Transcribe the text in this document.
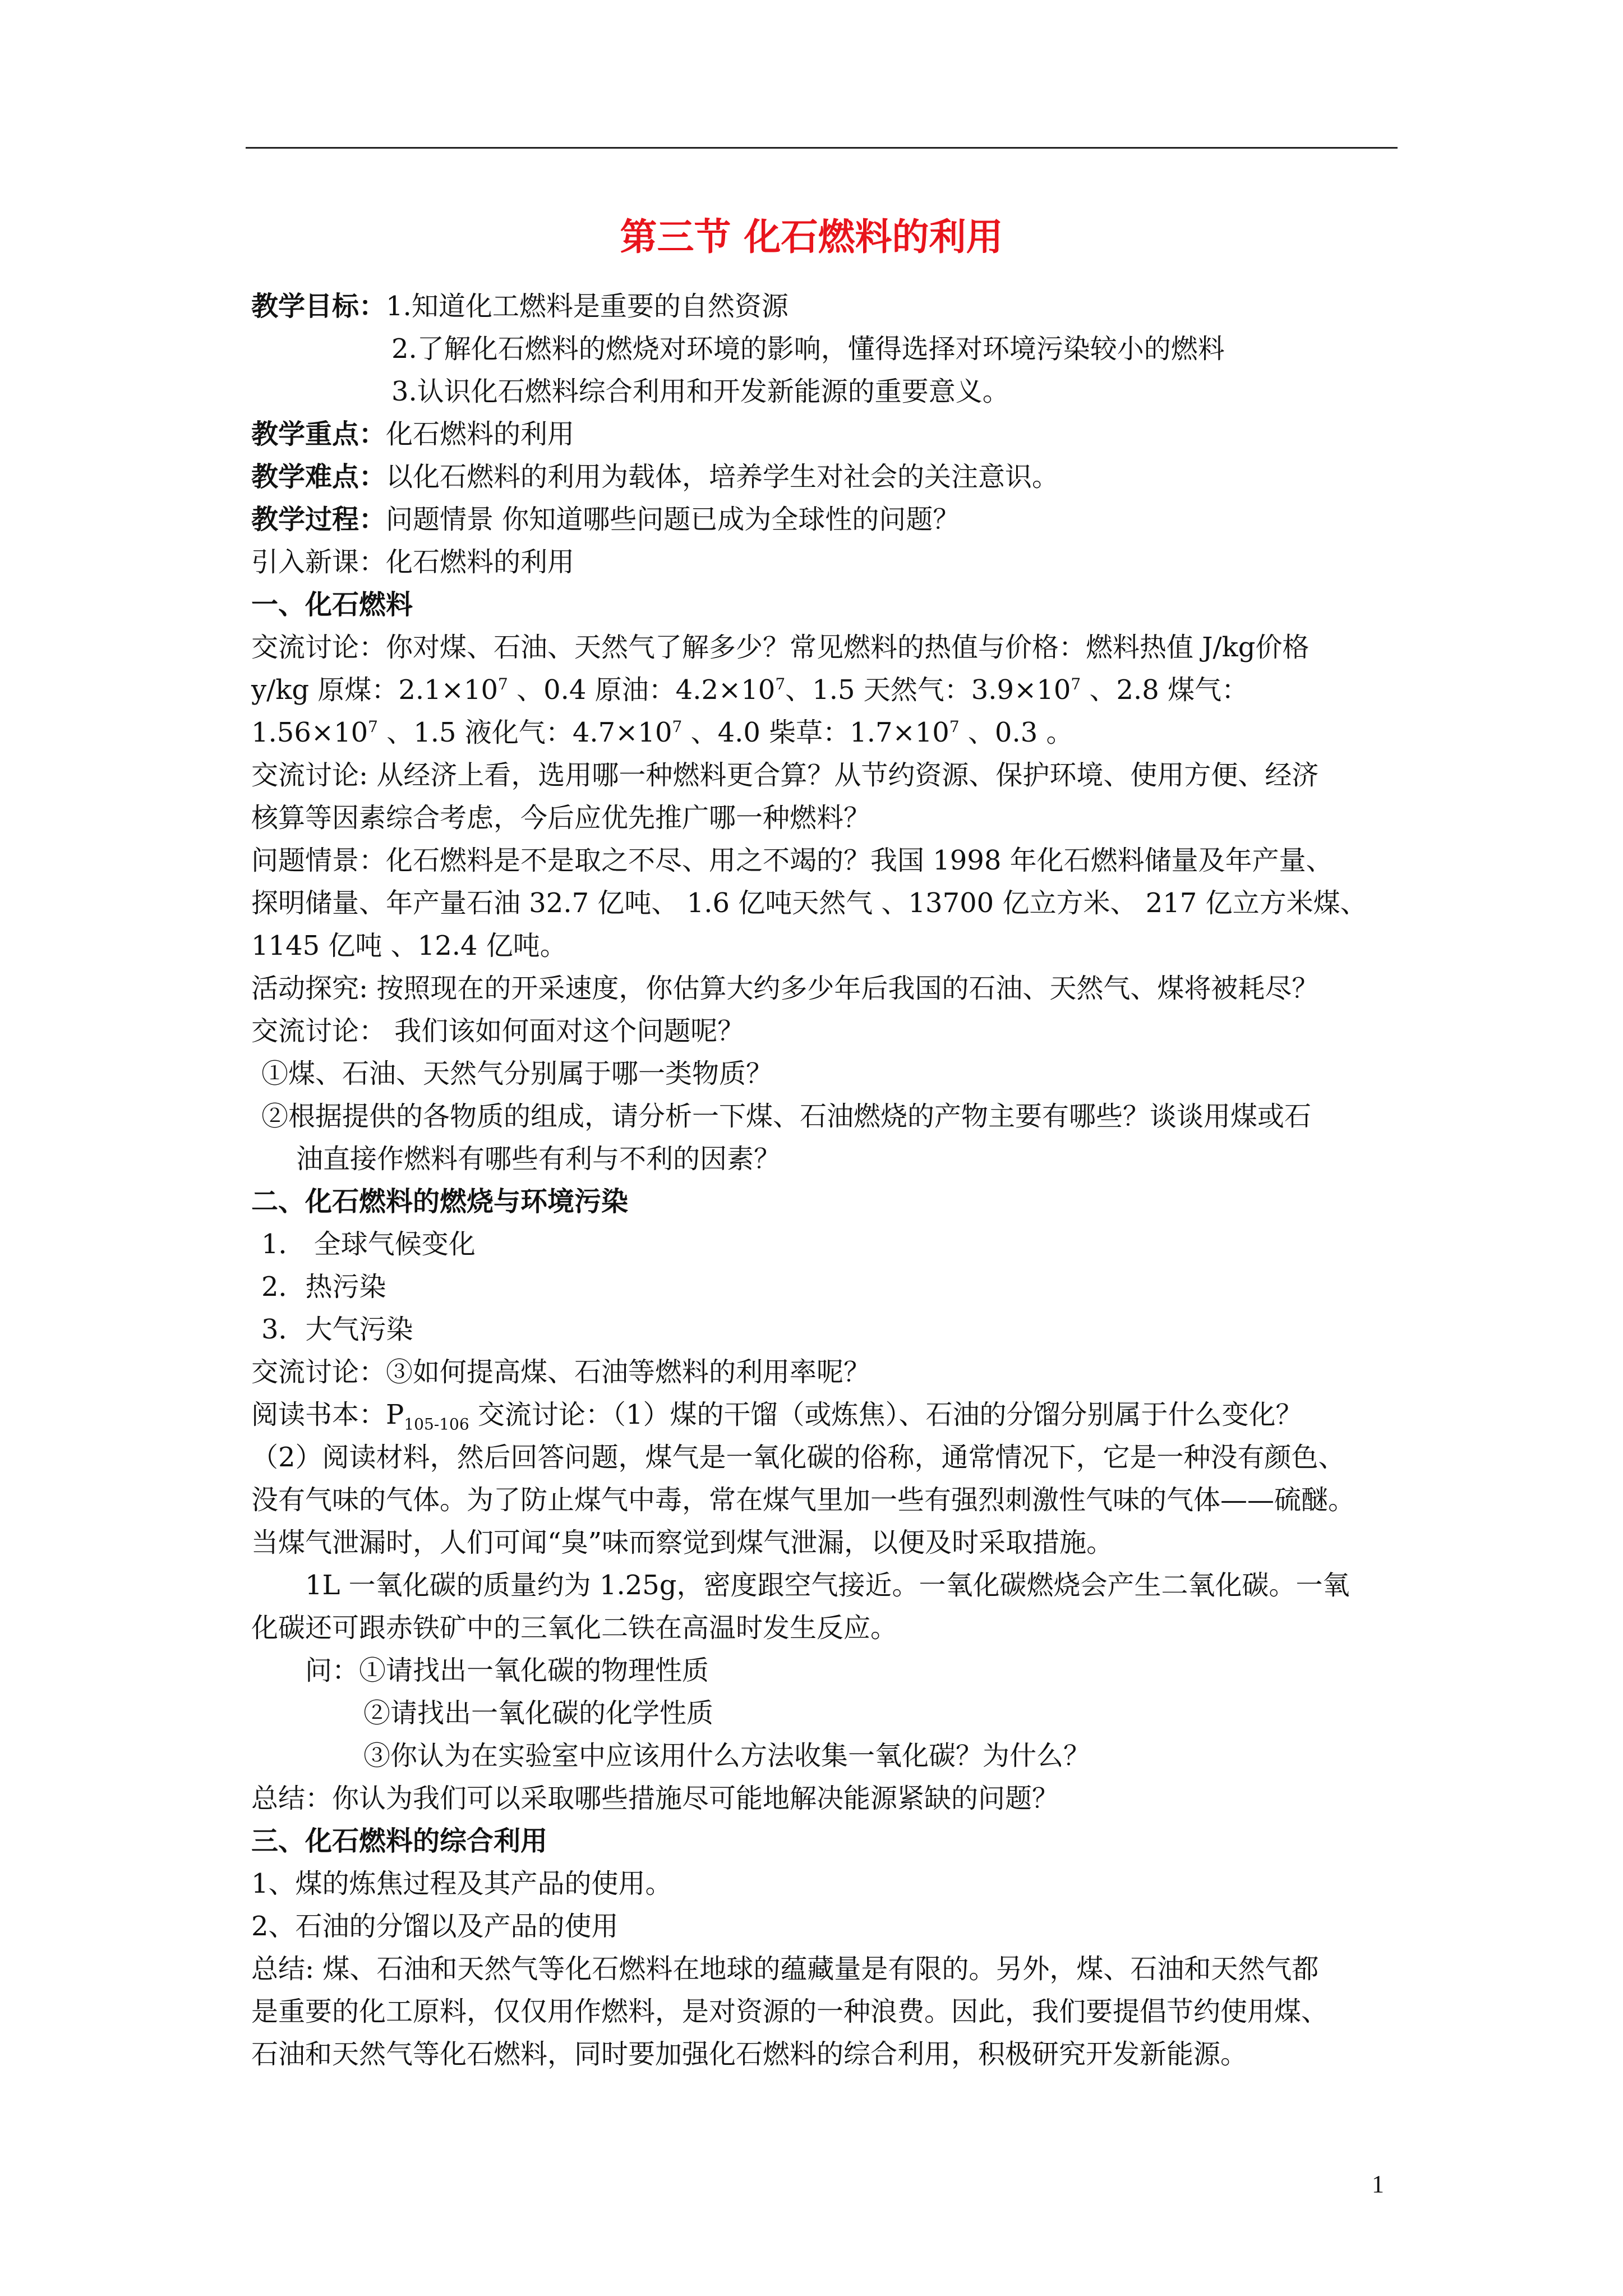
第三节 化石燃料的利用
教学目标：1.知道化工燃料是重要的自然资源
2.了解化石燃料的燃烧对环境的影响，懂得选择对环境污染较小的燃料
3.认识化石燃料综合利用和开发新能源的重要意义。
教学重点：化石燃料的利用
教学难点：以化石燃料的利用为载体，培养学生对社会的关注意识。
教学过程：问题情景 你知道哪些问题已成为全球性的问题？
引入新课：化石燃料的利用
一、化石燃料
交流讨论：你对煤、石油、天然气了解多少？常见燃料的热值与价格：燃料热值 J/kg价格
y/kg 原煤：$2.1\times 10^7$ 、0.4 原油：$4.2\times 10^7$、1.5 天然气：$3.9\times 10^7$ 、2.8 煤气：
$1.56\times 10^7$ 、1.5 液化气：$4.7\times 10^7$ 、4.0 柴草：$1.7\times 10^7$ 、0.3 。
交流讨论: 从经济上看，选用哪一种燃料更合算？从节约资源、保护环境、使用方便、经济
核算等因素综合考虑，今后应优先推广哪一种燃料？
问题情景：化石燃料是不是取之不尽、用之不竭的？我国 1998 年化石燃料储量及年产量、
探明储量、年产量石油 32.7 亿吨、 1.6 亿吨天然气 、13700 亿立方米、 217 亿立方米煤、
1145 亿吨 、12.4 亿吨。
活动探究: 按照现在的开采速度，你估算大约多少年后我国的石油、天然气、煤将被耗尽？
交流讨论： 我们该如何面对这个问题呢？
①煤、石油、天然气分别属于哪一类物质？
②根据提供的各物质的组成，请分析一下煤、石油燃烧的产物主要有哪些？谈谈用煤或石
油直接作燃料有哪些有利与不利的因素？
二、化石燃料的燃烧与环境污染
1． 全球气候变化
2．热污染
3．大气污染
交流讨论：③如何提高煤、石油等燃料的利用率呢？
阅读书本：$P_{105-106}$ 交流讨论：（1）煤的干馏（或炼焦）、石油的分馏分别属于什么变化？
（2）阅读材料，然后回答问题，煤气是一氧化碳的俗称，通常情况下，它是一种没有颜色、
没有气味的气体。为了防止煤气中毒，常在煤气里加一些有强烈刺激性气味的气体——硫醚。
当煤气泄漏时，人们可闻“臭”味而察觉到煤气泄漏，以便及时采取措施。
1L 一氧化碳的质量约为 1.25g，密度跟空气接近。一氧化碳燃烧会产生二氧化碳。一氧
化碳还可跟赤铁矿中的三氧化二铁在高温时发生反应。
问：①请找出一氧化碳的物理性质
②请找出一氧化碳的化学性质
③你认为在实验室中应该用什么方法收集一氧化碳？为什么？
总结：你认为我们可以采取哪些措施尽可能地解决能源紧缺的问题？
三、化石燃料的综合利用
1、煤的炼焦过程及其产品的使用。
2、石油的分馏以及产品的使用
总结: 煤、石油和天然气等化石燃料在地球的蕴藏量是有限的。另外，煤、石油和天然气都
是重要的化工原料，仅仅用作燃料，是对资源的一种浪费。因此，我们要提倡节约使用煤、
石油和天然气等化石燃料，同时要加强化石燃料的综合利用，积极研究开发新能源。
1
